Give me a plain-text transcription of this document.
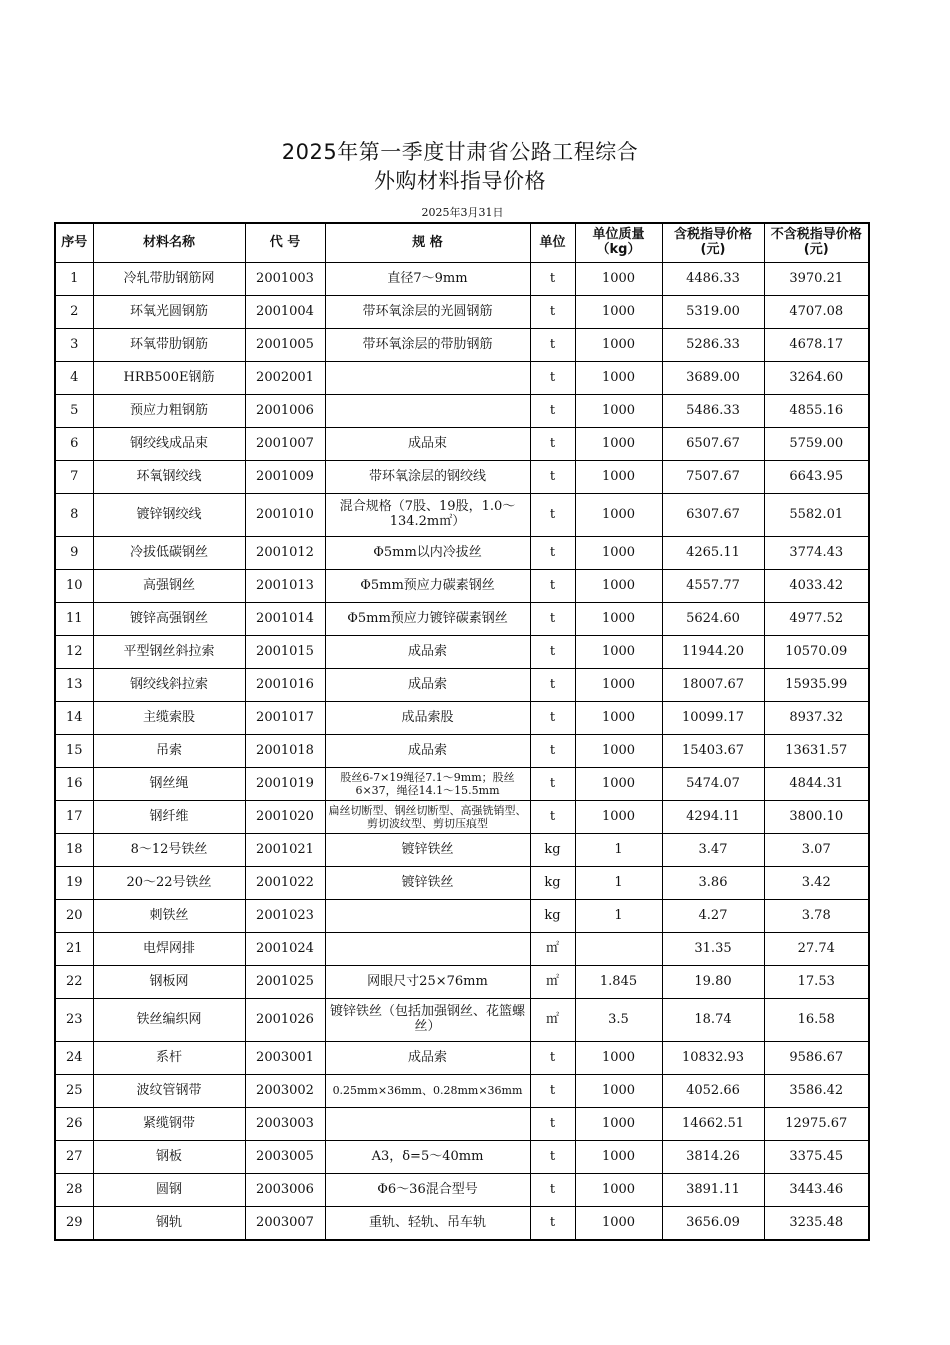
2025年第一季度甘肃省公路工程综合
外购材料指导价格
2025年3月31日
序号	材料名称	代 号	规 格	单位	单位质量（kg）	含税指导价格(元)	不含税指导价格(元)
1	冷轧带肋钢筋网	2001003	直径7～9mm	t	1000	4486.33	3970.21
2	环氧光圆钢筋	2001004	带环氧涂层的光圆钢筋	t	1000	5319.00	4707.08
3	环氧带肋钢筋	2001005	带环氧涂层的带肋钢筋	t	1000	5286.33	4678.17
4	HRB500E钢筋	2002001		t	1000	3689.00	3264.60
5	预应力粗钢筋	2001006		t	1000	5486.33	4855.16
6	钢绞线成品束	2001007	成品束	t	1000	6507.67	5759.00
7	环氧钢绞线	2001009	带环氧涂层的钢绞线	t	1000	7507.67	6643.95
8	镀锌钢绞线	2001010	混合规格（7股、19股，1.0～134.2m㎡）	t	1000	6307.67	5582.01
9	冷拔低碳钢丝	2001012	Φ5mm以内冷拔丝	t	1000	4265.11	3774.43
10	高强钢丝	2001013	Φ5mm预应力碳素钢丝	t	1000	4557.77	4033.42
11	镀锌高强钢丝	2001014	Φ5mm预应力镀锌碳素钢丝	t	1000	5624.60	4977.52
12	平型钢丝斜拉索	2001015	成品索	t	1000	11944.20	10570.09
13	钢绞线斜拉索	2001016	成品索	t	1000	18007.67	15935.99
14	主缆索股	2001017	成品索股	t	1000	10099.17	8937.32
15	吊索	2001018	成品索	t	1000	15403.67	13631.57
16	钢丝绳	2001019	股丝6-7×19绳径7.1～9mm；股丝6×37，绳径14.1～15.5mm	t	1000	5474.07	4844.31
17	钢纤维	2001020	扁丝切断型、钢丝切断型、高强铣销型、剪切波纹型、剪切压痕型	t	1000	4294.11	3800.10
18	8～12号铁丝	2001021	镀锌铁丝	kg	1	3.47	3.07
19	20～22号铁丝	2001022	镀锌铁丝	kg	1	3.86	3.42
20	刺铁丝	2001023		kg	1	4.27	3.78
21	电焊网排	2001024		㎡		31.35	27.74
22	钢板网	2001025	网眼尺寸25×76mm	㎡	1.845	19.80	17.53
23	铁丝编织网	2001026	镀锌铁丝（包括加强钢丝、花篮螺丝）	㎡	3.5	18.74	16.58
24	系杆	2003001	成品索	t	1000	10832.93	9586.67
25	波纹管钢带	2003002	0.25mm×36mm、0.28mm×36mm	t	1000	4052.66	3586.42
26	紧缆钢带	2003003		t	1000	14662.51	12975.67
27	钢板	2003005	A3，δ=5～40mm	t	1000	3814.26	3375.45
28	圆钢	2003006	Φ6～36混合型号	t	1000	3891.11	3443.46
29	钢轨	2003007	重轨、轻轨、吊车轨	t	1000	3656.09	3235.48
